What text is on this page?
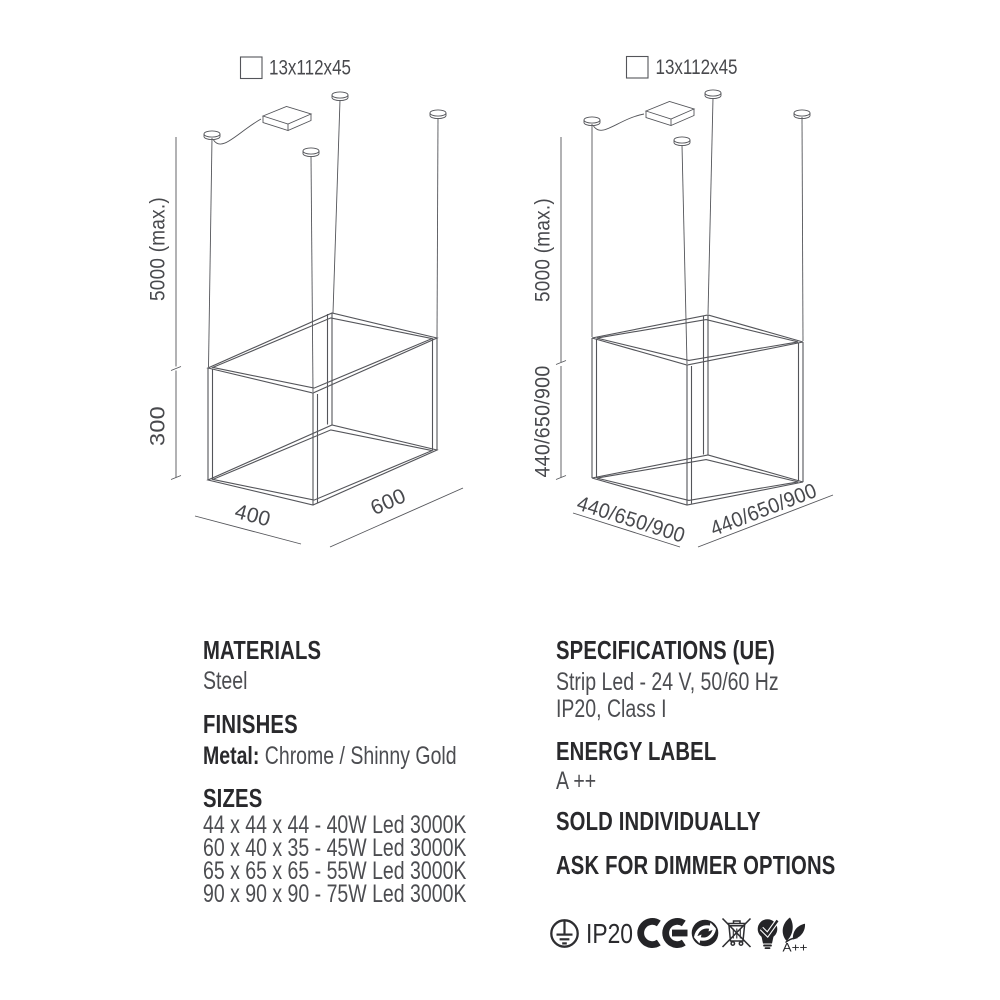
13x112x45
5000 (max.)
300
400	600
13x112x45
5000 (max.)
440/650/900
440/650/900 440/650/900
IP20	A++
MATERIALS
Steel
FINISHES
Metal: Chrome / Shinny Gold
SIZES
44 x 44 x 44 - 40W Led 3000K
60 x 40 x 35 - 45W Led 3000K
65 x 65 x 65 - 55W Led 3000K
90 x 90 x 90 - 75W Led 3000K
SPECIFICATIONS (UE)
Strip Led - 24 V, 50/60 Hz
IP20, Class I
ENERGY LABEL
A ++
SOLD INDIVIDUALLY
ASK FOR DIMMER OPTIONS
